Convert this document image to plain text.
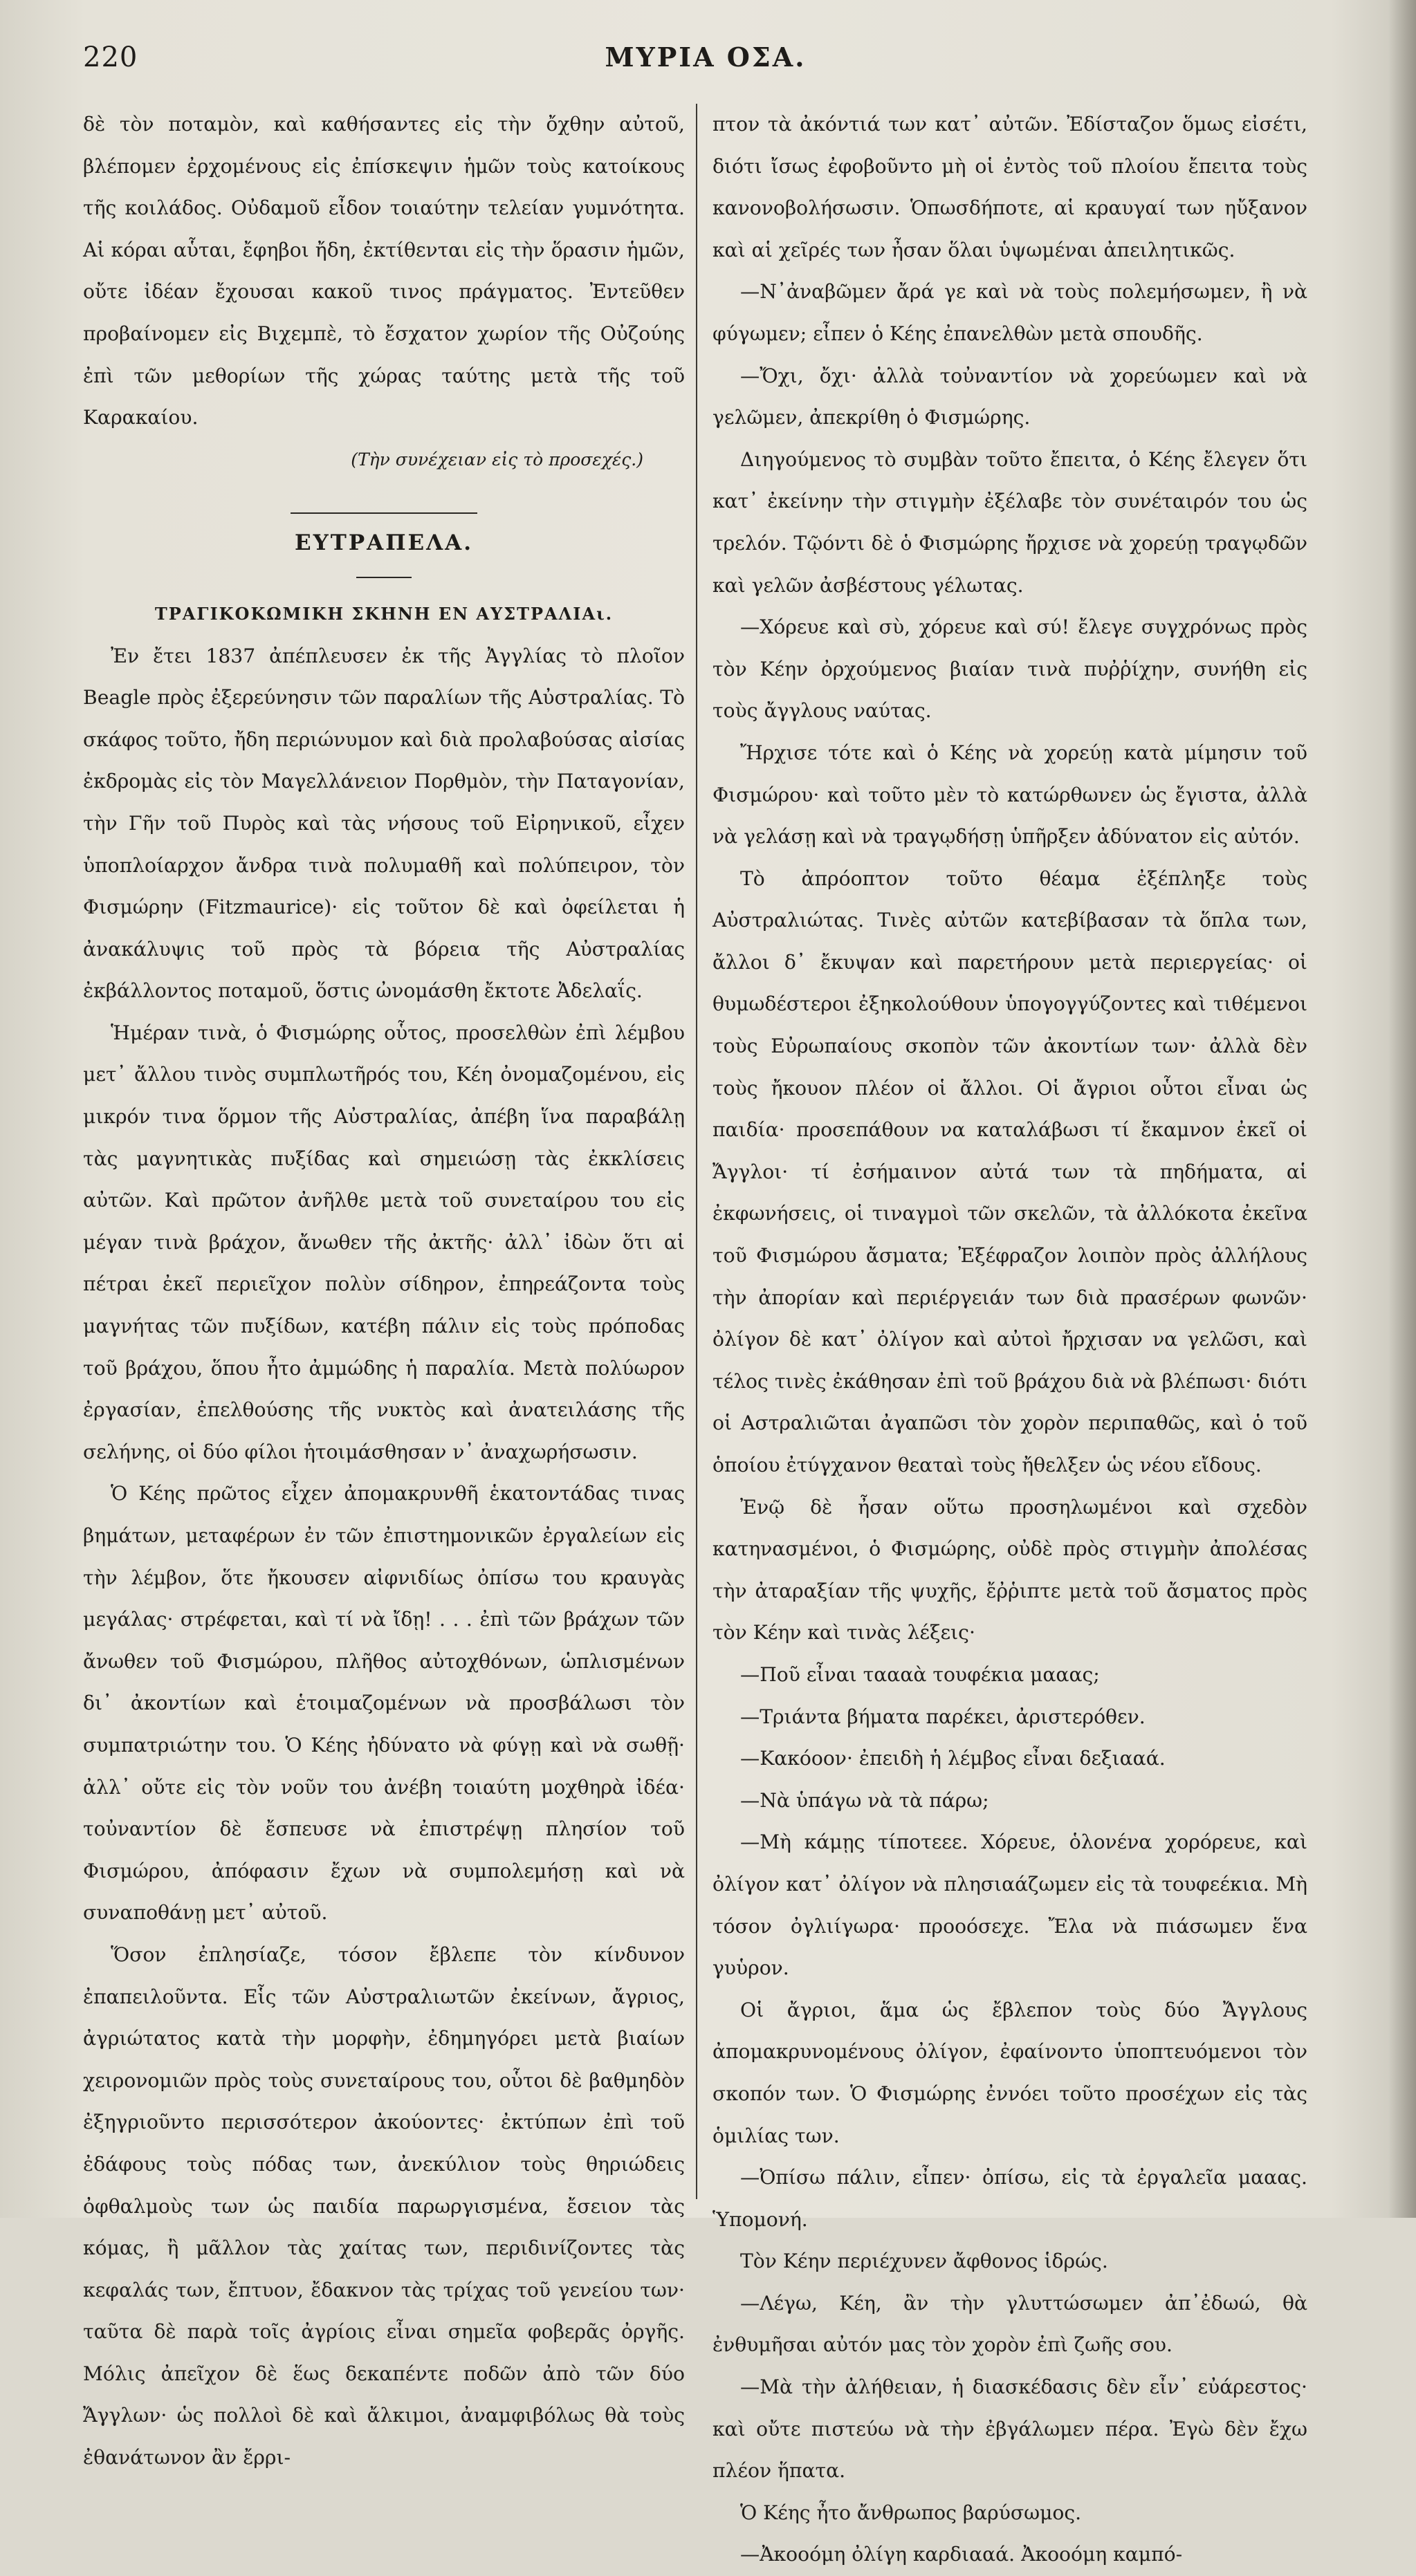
220	ΜΥΡΙΑ ΟΣΑ.

δὲ τὸν ποταμὸν, καὶ καθήσαντες εἰς τὴν ὄχθην αὐτοῦ, βλέπομεν ἐρχομένους εἰς ἐπίσκεψιν ἡμῶν τοὺς κατοίκους τῆς κοιλάδος. Οὐδαμοῦ εἶδον τοιαύτην τελείαν γυμνότητα. Αἱ κόραι αὗται, ἔφηβοι ἤδη, ἐκτίθενται εἰς τὴν ὅρασιν ἡμῶν, οὔτε ἰδέαν ἔχουσαι κακοῦ τινος πράγματος. Ἐντεῦθεν προβαίνομεν εἰς Βιχεμπὲ, τὸ ἔσχατον χωρίον τῆς Οὐζούης ἐπὶ τῶν μεθορίων τῆς χώρας ταύτης μετὰ τῆς τοῦ Καρακαίου.

(Τὴν συνέχειαν εἰς τὸ προσεχές.)

ΕΥΤΡΑΠΕΛΑ.

ΤΡΑΓΙΚΟΚΩΜΙΚΗ ΣΚΗΝΗ ΕΝ ΑΥΣΤΡΑΛΙΑι.

Ἐν ἔτει 1837 ἀπέπλευσεν ἐκ τῆς Ἀγγλίας τὸ πλοῖον Beagle πρὸς ἐξερεύνησιν τῶν παραλίων τῆς Αὐστραλίας. Τὸ σκάφος τοῦτο, ἤδη περιώνυμον καὶ διὰ προλαβούσας αἰσίας ἐκδρομὰς εἰς τὸν Μαγελλάνειον Πορθμὸν, τὴν Παταγονίαν, τὴν Γῆν τοῦ Πυρὸς καὶ τὰς νήσους τοῦ Εἰρηνικοῦ, εἶχεν ὑποπλοίαρχον ἄνδρα τινὰ πολυμαθῆ καὶ πολύπειρον, τὸν Φισμώρην (Fitzmaurice)· εἰς τοῦτον δὲ καὶ ὀφείλεται ἡ ἀνακάλυψις τοῦ πρὸς τὰ βόρεια τῆς Αὐστραλίας ἐκβάλλοντος ποταμοῦ, ὅστις ὠνομάσθη ἔκτοτε Ἀδελαΐς.

Ἡμέραν τινὰ, ὁ Φισμώρης οὗτος, προσελθὼν ἐπὶ λέμβου μετ᾽ ἄλλου τινὸς συμπλωτῆρός του, Κέη ὀνομαζομένου, εἰς μικρόν τινα ὅρμον τῆς Αὐστραλίας, ἀπέβη ἵνα παραβάλῃ τὰς μαγνητικὰς πυξίδας καὶ σημειώσῃ τὰς ἐκκλίσεις αὐτῶν. Καὶ πρῶτον ἀνῆλθε μετὰ τοῦ συνεταίρου του εἰς μέγαν τινὰ βράχον, ἄνωθεν τῆς ἀκτῆς· ἀλλ᾽ ἰδὼν ὅτι αἱ πέτραι ἐκεῖ περιεῖχον πολὺν σίδηρον, ἐπηρεάζοντα τοὺς μαγνήτας τῶν πυξίδων, κατέβη πάλιν εἰς τοὺς πρόποδας τοῦ βράχου, ὅπου ἦτο ἀμμώδης ἡ παραλία. Μετὰ πολύωρον ἐργασίαν, ἐπελθούσης τῆς νυκτὸς καὶ ἀνατειλάσης τῆς σελήνης, οἱ δύο φίλοι ἡτοιμάσθησαν ν᾽ ἀναχωρήσωσιν.

Ὁ Κέης πρῶτος εἶχεν ἀπομακρυνθῆ ἑκατοντάδας τινας βημάτων, μεταφέρων ἐν τῶν ἐπιστημονικῶν ἐργαλείων εἰς τὴν λέμβον, ὅτε ἤκουσεν αἰφνιδίως ὀπίσω του κραυγὰς μεγάλας· στρέφεται, καὶ τί νὰ ἴδῃ! . . . ἐπὶ τῶν βράχων τῶν ἄνωθεν τοῦ Φισμώρου, πλῆθος αὐτοχθόνων, ὡπλισμένων δι᾽ ἀκοντίων καὶ ἑτοιμαζομένων νὰ προσβάλωσι τὸν συμπατριώτην του. Ὁ Κέης ἠδύνατο νὰ φύγῃ καὶ νὰ σωθῇ· ἀλλ᾽ οὔτε εἰς τὸν νοῦν του ἀνέβη τοιαύτη μοχθηρὰ ἰδέα· τοὐναντίον δὲ ἔσπευσε νὰ ἐπιστρέψῃ πλησίον τοῦ Φισμώρου, ἀπόφασιν ἔχων νὰ συμπολεμήσῃ καὶ νὰ συναποθάνῃ μετ᾽ αὐτοῦ.

Ὅσον ἐπλησίαζε, τόσον ἔβλεπε τὸν κίνδυνον ἐπαπειλοῦντα. Εἷς τῶν Αὐστραλιωτῶν ἐκείνων, ἄγριος, ἀγριώτατος κατὰ τὴν μορφὴν, ἐδημηγόρει μετὰ βιαίων χειρονομιῶν πρὸς τοὺς συνεταίρους του, οὗτοι δὲ βαθμηδὸν ἐξηγριοῦντο περισσότερον ἀκούοντες· ἐκτύπων ἐπὶ τοῦ ἐδάφους τοὺς πόδας των, ἀνεκύλιον τοὺς θηριώδεις ὀφθαλμοὺς των ὡς παιδία παρωργισμένα, ἔσειον τὰς κόμας, ἢ μᾶλλον τὰς χαίτας των, περιδινίζοντες τὰς κεφαλάς των, ἔπτυον, ἔδακνον τὰς τρίχας τοῦ γενείου των· ταῦτα δὲ παρὰ τοῖς ἀγρίοις εἶναι σημεῖα φοβερᾶς ὀργῆς. Μόλις ἀπεῖχον δὲ ἕως δεκαπέντε ποδῶν ἀπὸ τῶν δύο Ἄγγλων· ὡς πολλοὶ δὲ καὶ ἄλκιμοι, ἀναμφιβόλως θὰ τοὺς ἐθανάτωνον ἂν ἔρρι-

πτον τὰ ἀκόντιά των κατ᾽ αὐτῶν. Ἐδίσταζον ὅμως εἰσέτι, διότι ἴσως ἐφοβοῦντο μὴ οἱ ἐντὸς τοῦ πλοίου ἔπειτα τοὺς κανονοβολήσωσιν. Ὁπωσδήποτε, αἱ κραυγαί των ηὔξανον καὶ αἱ χεῖρές των ἦσαν ὅλαι ὑψωμέναι ἀπειλητικῶς.

—Ν᾽ἀναβῶμεν ἄρά γε καὶ νὰ τοὺς πολεμήσωμεν, ἢ νὰ φύγωμεν; εἶπεν ὁ Κέης ἐπανελθὼν μετὰ σπουδῆς.

—Ὄχι, ὄχι· ἀλλὰ τοὐναντίον νὰ χορεύωμεν καὶ νὰ γελῶμεν, ἀπεκρίθη ὁ Φισμώρης.

Διηγούμενος τὸ συμβὰν τοῦτο ἔπειτα, ὁ Κέης ἔλεγεν ὅτι κατ᾽ ἐκείνην τὴν στιγμὴν ἐξέλαβε τὸν συνέταιρόν του ὡς τρελόν. Τῷόντι δὲ ὁ Φισμώρης ἤρχισε νὰ χορεύῃ τραγῳδῶν καὶ γελῶν ἀσβέστους γέλωτας.

—Χόρευε καὶ σὺ, χόρευε καὶ σύ! ἔλεγε συγχρόνως πρὸς τὸν Κέην ὀρχούμενος βιαίαν τινὰ πυῤῥίχην, συνήθη εἰς τοὺς ἄγγλους ναύτας.

Ἤρχισε τότε καὶ ὁ Κέης νὰ χορεύῃ κατὰ μίμησιν τοῦ Φισμώρου· καὶ τοῦτο μὲν τὸ κατώρθωνεν ὡς ἔγιστα, ἀλλὰ νὰ γελάσῃ καὶ νὰ τραγῳδήσῃ ὑπῆρξεν ἀδύνατον εἰς αὐτόν.

Τὸ ἀπρόοπτον τοῦτο θέαμα ἐξέπληξε τοὺς Αὐστραλιώτας. Τινὲς αὐτῶν κατεβίβασαν τὰ ὅπλα των, ἄλλοι δ᾽ ἔκυψαν καὶ παρετήρουν μετὰ περιεργείας· οἱ θυμωδέστεροι ἐξηκολούθουν ὑπογογγύζοντες καὶ τιθέμενοι τοὺς Εὐρωπαίους σκοπὸν τῶν ἀκοντίων των· ἀλλὰ δὲν τοὺς ἤκουον πλέον οἱ ἄλλοι. Οἱ ἄγριοι οὗτοι εἶναι ὡς παιδία· προσεπάθουν να καταλάβωσι τί ἔκαμνον ἐκεῖ οἱ Ἄγγλοι· τί ἐσήμαινον αὐτά των τὰ πηδήματα, αἱ ἐκφωνήσεις, οἱ τιναγμοὶ τῶν σκελῶν, τὰ ἀλλόκοτα ἐκεῖνα τοῦ Φισμώρου ἄσματα; Ἐξέφραζον λοιπὸν πρὸς ἀλλήλους τὴν ἀπορίαν καὶ περιέργειάν των διὰ πρασέρων φωνῶν· ὀλίγον δὲ κατ᾽ ὀλίγον καὶ αὐτοὶ ἤρχισαν να γελῶσι, καὶ τέλος τινὲς ἐκάθησαν ἐπὶ τοῦ βράχου διὰ νὰ βλέπωσι· διότι οἱ Αστραλιῶται ἀγαπῶσι τὸν χορὸν περιπαθῶς, καὶ ὁ τοῦ ὁποίου ἐτύγχανον θεαταὶ τοὺς ἤθελξεν ὡς νέου εἴδους.

Ἐνῷ δὲ ἦσαν οὕτω προσηλωμένοι καὶ σχεδὸν κατηνασμένοι, ὁ Φισμώρης, οὐδὲ πρὸς στιγμὴν ἀπολέσας τὴν ἀταραξίαν τῆς ψυχῆς, ἔῤῥιπτε μετὰ τοῦ ἄσματος πρὸς τὸν Κέην καὶ τινὰς λέξεις·

—Ποῦ εἶναι ταααὰ τουφέκια μααας;

—Τριάντα βήματα παρέκει, ἀριστερόθεν.

—Κακόοον· ἐπειδὴ ἡ λέμβος εἶναι δεξιααά.

—Νὰ ὑπάγω νὰ τὰ πάρω;

—Μὴ κάμῃς τίποτεεε. Χόρευε, ὁλονένα χορόρευε, καὶ ὀλίγον κατ᾽ ὀλίγον νὰ πλησιαάζωμεν εἰς τὰ τουφεέκια. Μὴ τόσον ὀγλιίγωρα· προοόσεχε. Ἔλα νὰ πιάσωμεν ἕνα γυὑρον.

Οἱ ἄγριοι, ἅμα ὡς ἔβλεπον τοὺς δύο Ἄγγλους ἀπομακρυνομένους ὀλίγον, ἐφαίνοντο ὑποπτευόμενοι τὸν σκοπόν των. Ὁ Φισμώρης ἐννόει τοῦτο προσέχων εἰς τὰς ὁμιλίας των.

—Ὀπίσω πάλιν, εἶπεν· ὀπίσω, εἰς τὰ ἐργαλεῖα μααας. Ὑπομονή.

Τὸν Κέην περιέχυνεν ἄφθονος ἱδρώς.

—Λέγω, Κέη, ἂν τὴν γλυττώσωμεν ἀπ᾽ἐδωώ, θὰ ἐνθυμῆσαι αὐτόν μας τὸν χορὸν ἐπὶ ζωῆς σου.

—Μὰ τὴν ἀλήθειαν, ἡ διασκέδασις δὲν εἶν᾽ εὐάρεστος· καὶ οὔτε πιστεύω νὰ τὴν ἐβγάλωμεν πέρα. Ἐγὼ δὲν ἔχω πλέον ἥπατα.

Ὁ Κέης ἦτο ἄνθρωπος βαρύσωμος.

—Ἀκοοόμη ὀλίγη καρδιααά. Ἀκοοόμη καμπό-
